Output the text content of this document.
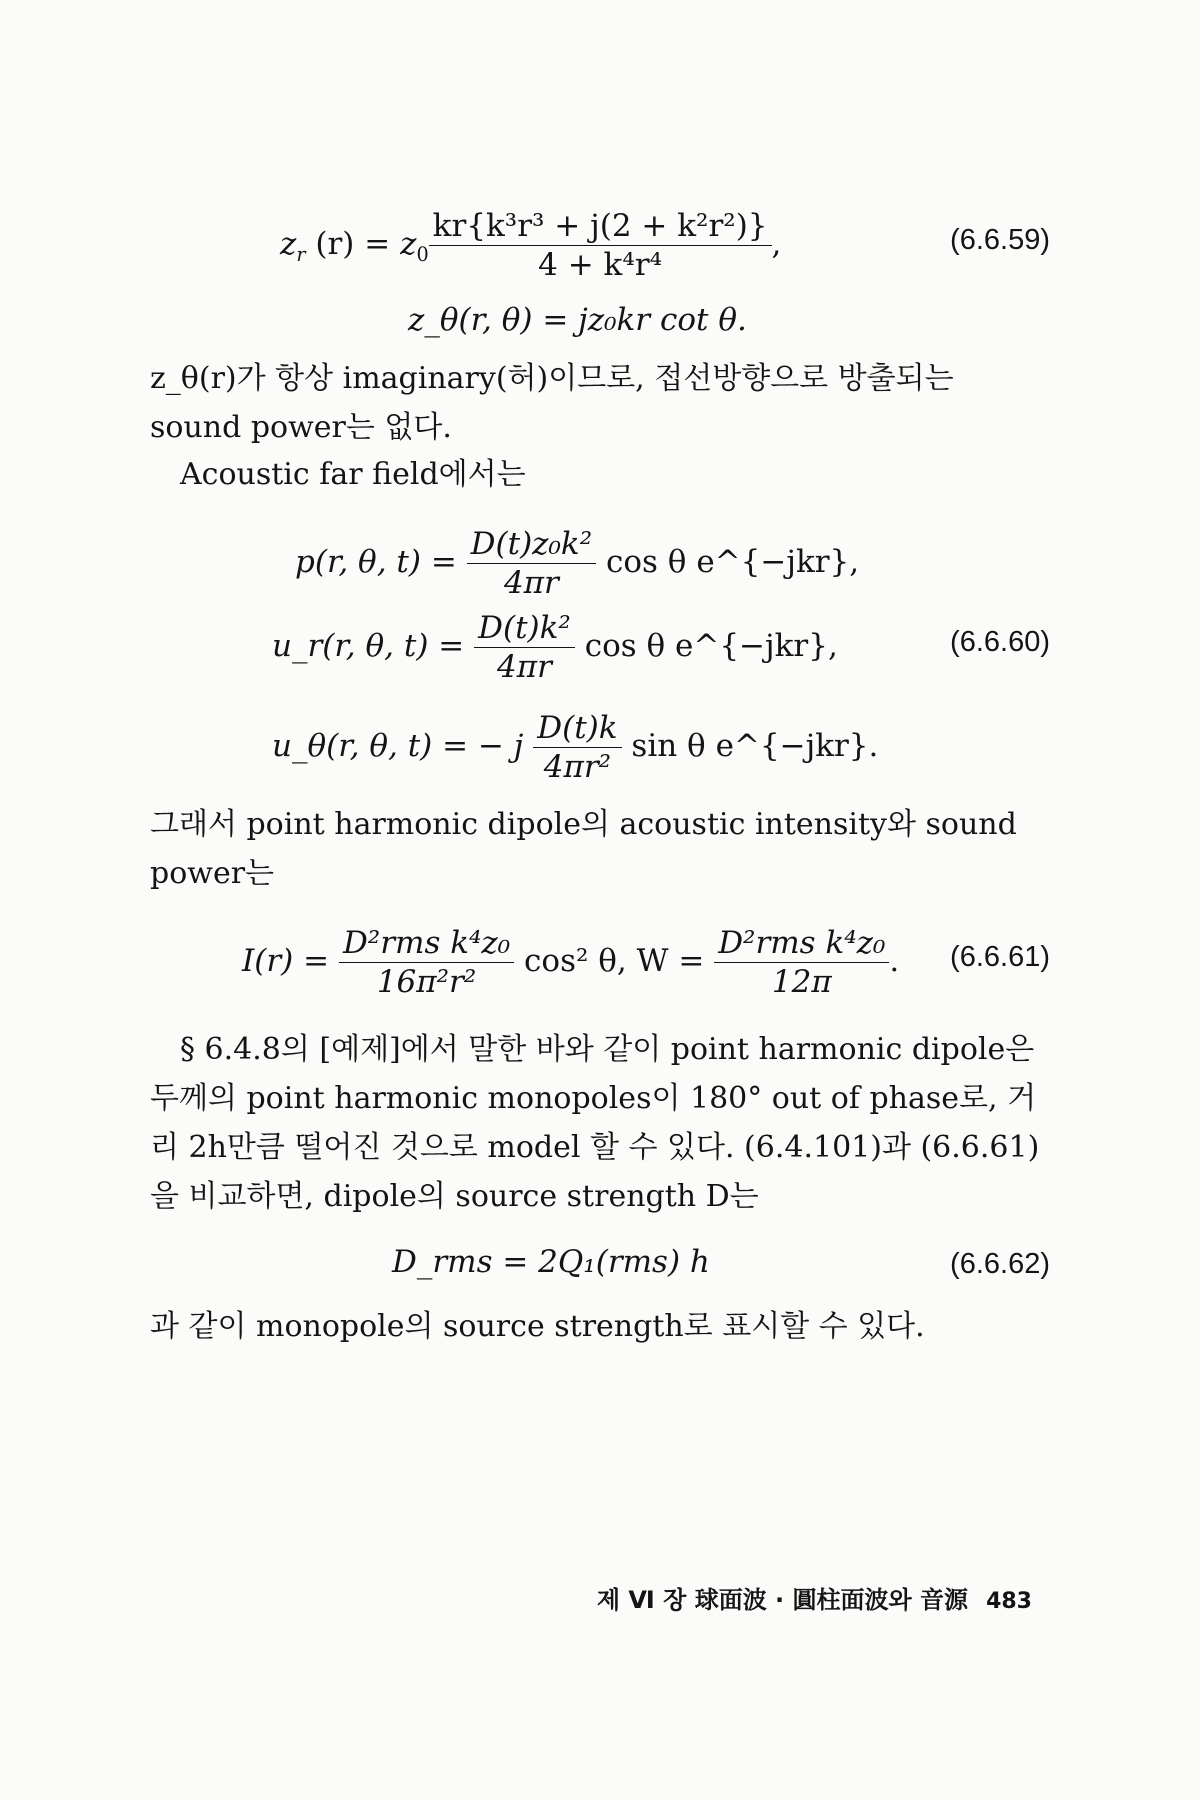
$z_r$ $(r) = z_0 \frac{\text{kr\{k³r³ + j(2 + k²r²)\}}}{\text{4 + k⁴r⁴}}$ ,	(6.6.59)
z_θ(r, θ) = jz₀kr cot θ.
z_θ(r)가 항상 imaginary(허)이므로, 접선방향으로 방출되는 sound power는 없다.
Acoustic far field에서는
p(r, θ, $t) = \frac{\text{D(t)z₀k²}}{4\pi r}$ cos θ e^{−jkr},
u_r(r, θ, $t) = \frac{\text{D(t)k²}}{4\pi r}$ cos θ e^{−jkr},	(6.6.60)
u_θ(r, θ, t) = − j $\frac{D(t)k}{\text{4πr²}}$ sin θ e^{−jkr}.
그래서 point harmonic dipole의 acoustic intensity와 sound power는
$I(r) = \frac{\text{D²rms k⁴z₀}}{\text{16π²r²}} \cos^2$ θ, $W = \frac{\text{D²rms k⁴z₀}}{12\pi}$ . (6.6.61)
§ 6.4.8의 [예제]에서 말한 바와 같이 point harmonic dipole은 두께의 point harmonic monopoles이 180° out of phase로, 거리 2h만큼 떨어진 것으로 model 할 수 있다. (6.4.101)과 (6.6.61)을 비교하면, dipole의 source strength D는
D_rms = 2Q₁(rms) h	(6.6.62)
과 같이 monopole의 source strength로 표시할 수 있다.
제 Ⅵ 장 球面波 · 圓柱面波와 音源 483
